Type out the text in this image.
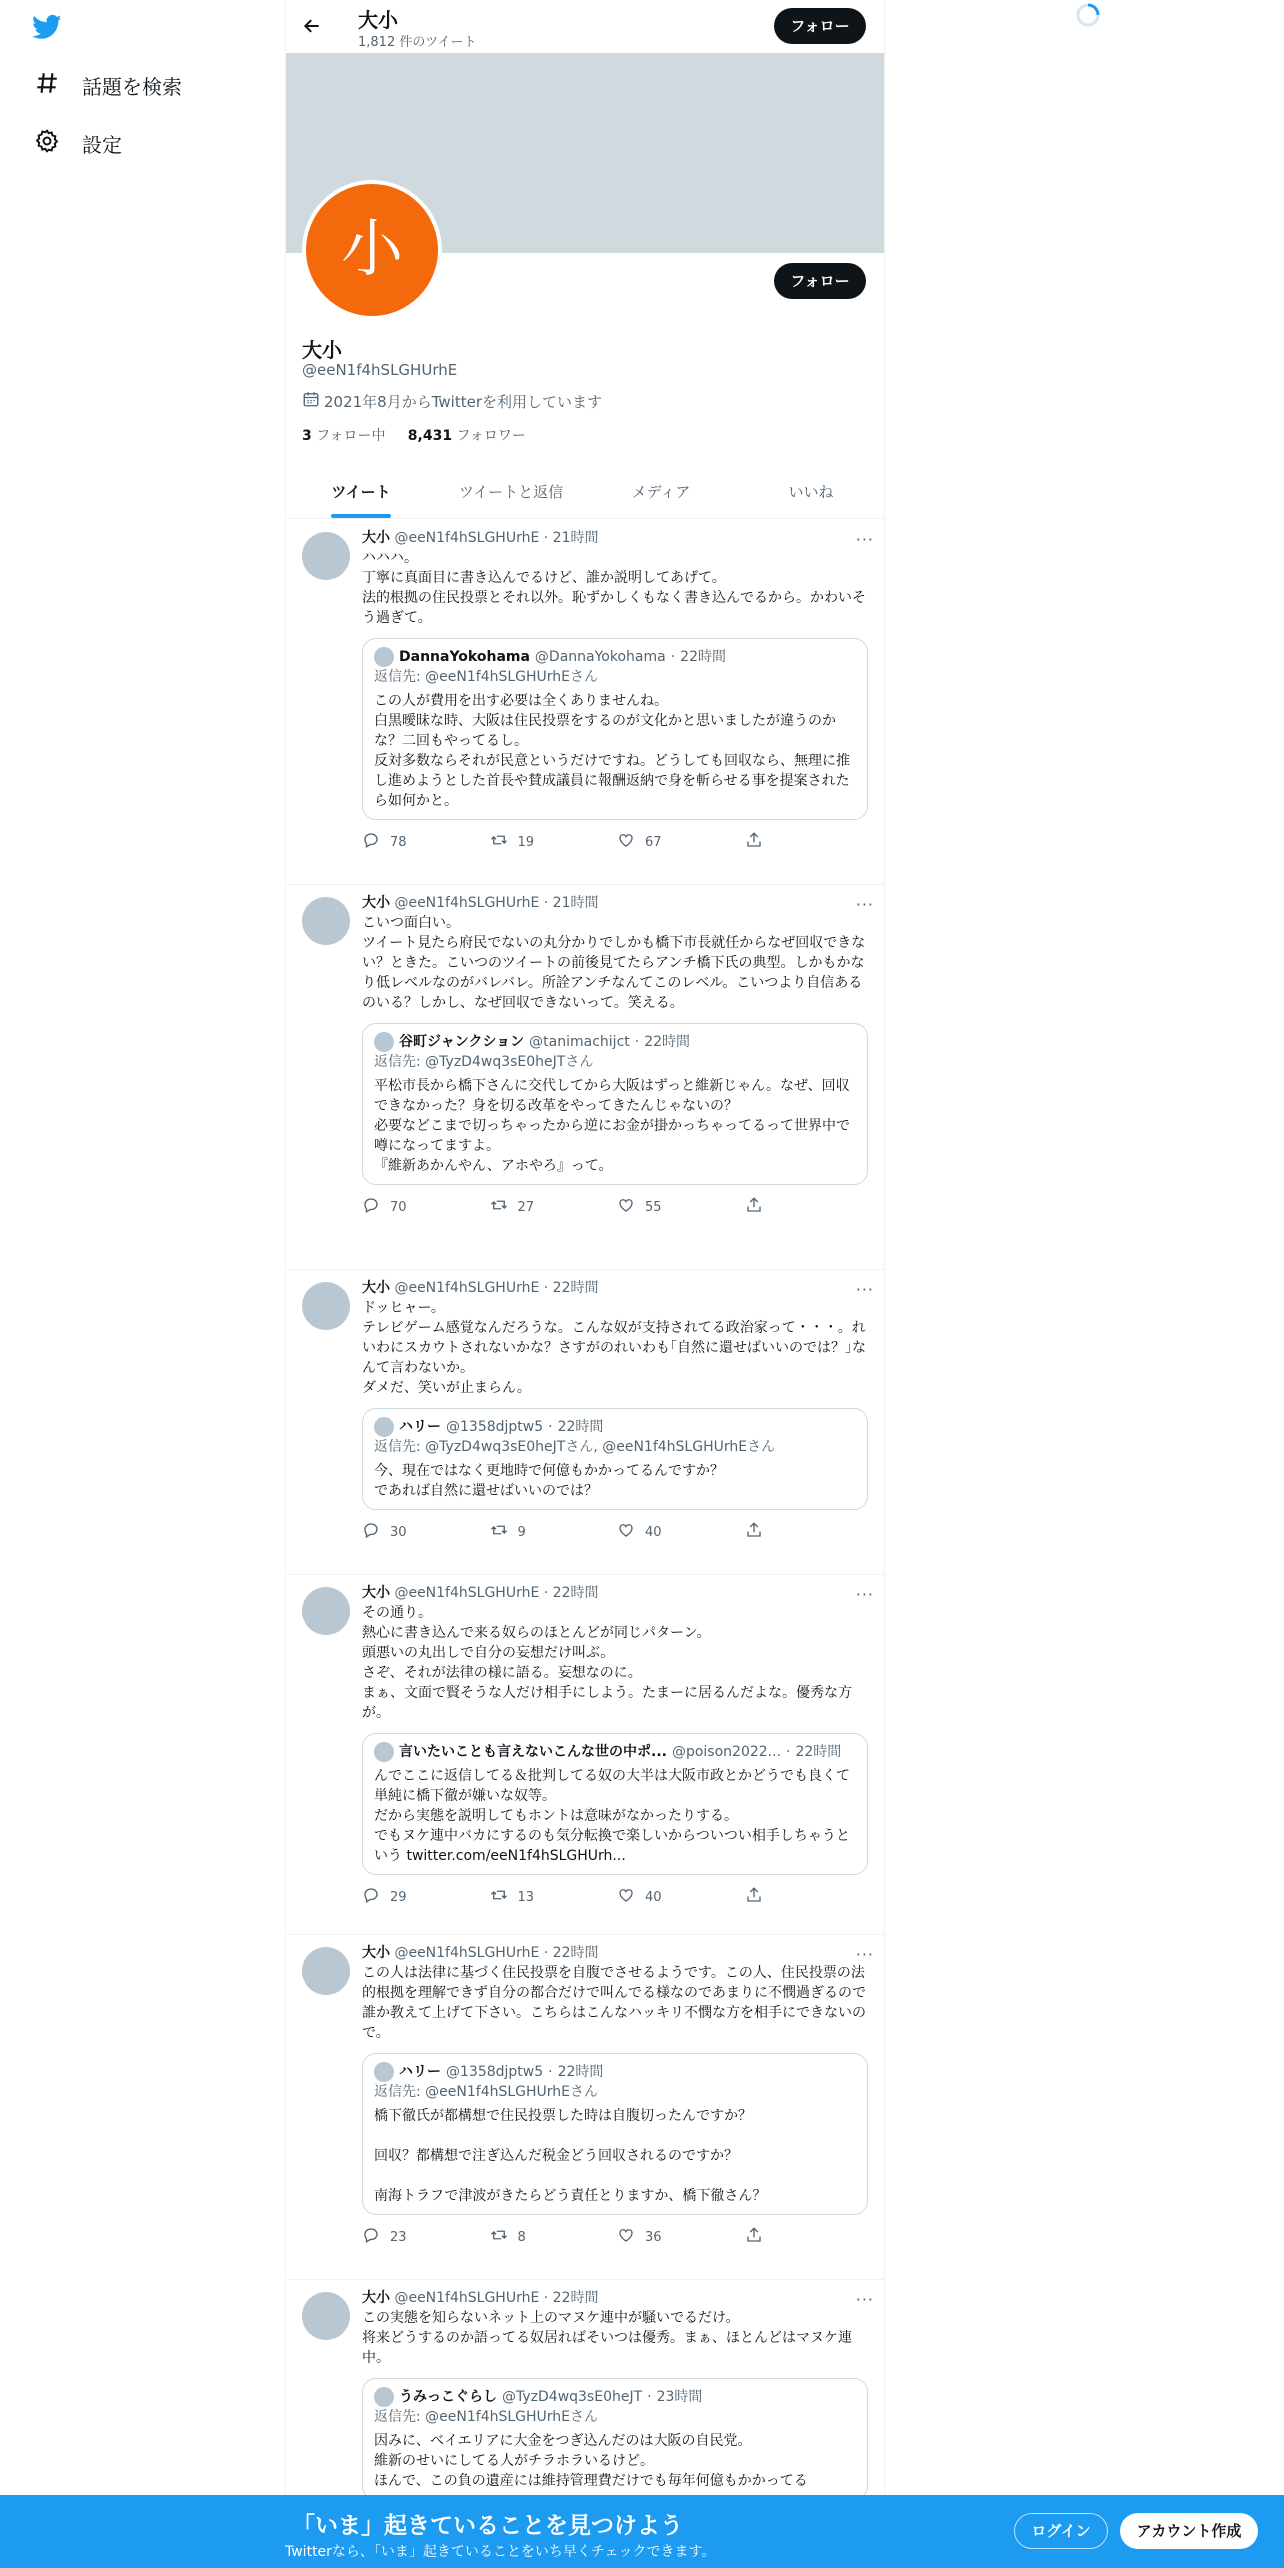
話題を検索
設定
大小
1,812 件のツイート
フォロー
小	フォロー
大小
@eeN1f4hSLGHUrhE
2021年8月からTwitterを利用しています
3 フォロー中 8,431 フォロワー
ツイート	ツイートと返信	メディア	いいね
大小 @eeN1f4hSLGHUrhE · 21時間	···
ハハハ。
丁寧に真面目に書き込んでるけど、誰か説明してあげて。
法的根拠の住民投票とそれ以外。恥ずかしくもなく書き込んでるから。かわいそう過ぎて。
DannaYokohama @DannaYokohama · 22時間
返信先: @eeN1f4hSLGHUrhEさん
この人が費用を出す必要は全くありませんね。
白黒曖昧な時、大阪は住民投票をするのが文化かと思いましたが違うのかな？二回もやってるし。
反対多数ならそれが民意というだけですね。どうしても回収なら、無理に推し進めようとした首長や賛成議員に報酬返納で身を斬らせる事を提案されたら如何かと。
78	19	67
大小 @eeN1f4hSLGHUrhE · 21時間	···
こいつ面白い。
ツイート見たら府民でないの丸分かりでしかも橋下市長就任からなぜ回収できない？ときた。こいつのツイートの前後見てたらアンチ橋下氏の典型。しかもかなり低レベルなのがバレバレ。所詮アンチなんてこのレベル。こいつより自信あるのいる？しかし、なぜ回収できないって。笑える。
谷町ジャンクション @tanimachijct · 22時間
返信先: @TyzD4wq3sE0heJTさん
平松市長から橋下さんに交代してから大阪はずっと維新じゃん。なぜ、回収できなかった？身を切る改革をやってきたんじゃないの？
必要などこまで切っちゃったから逆にお金が掛かっちゃってるって世界中で噂になってますよ。
『維新あかんやん、アホやろ』って。
70	27	55
大小 @eeN1f4hSLGHUrhE · 22時間	···
ドッヒャー。
テレビゲーム感覚なんだろうな。こんな奴が支持されてる政治家って・・・。れいわにスカウトされないかな？さすがのれいわも｢自然に還せばいいのでは？｣なんて言わないか。
ダメだ、笑いが止まらん。
ハリー @1358djptw5 · 22時間
返信先: @TyzD4wq3sE0heJTさん, @eeN1f4hSLGHUrhEさん
今、現在ではなく更地時で何億もかかってるんですか？
であれば自然に還せばいいのでは？
30	9	40
大小 @eeN1f4hSLGHUrhE · 22時間	···
その通り。
熱心に書き込んで来る奴らのほとんどが同じパターン。
頭悪いの丸出しで自分の妄想だけ叫ぶ。
さぞ、それが法律の様に語る。妄想なのに。
まぁ、文面で賢そうな人だけ相手にしよう。たまーに居るんだよな。優秀な方が。
言いたいことも言えないこんな世の中ポ... @poison2022... · 22時間
んでここに返信してる＆批判してる奴の大半は大阪市政とかどうでも良くて単純に橋下徹が嫌いな奴等。
だから実態を説明してもホントは意味がなかったりする。
でもヌケ連中バカにするのも気分転換で楽しいからついつい相手しちゃうという twitter.com/eeN1f4hSLGHUrh...
29	13	40
大小 @eeN1f4hSLGHUrhE · 22時間	···
この人は法律に基づく住民投票を自腹でさせるようです。この人、住民投票の法的根拠を理解できず自分の都合だけで叫んでる様なのであまりに不憫過ぎるので誰か教えて上げて下さい。こちらはこんなハッキリ不憫な方を相手にできないので。
ハリー @1358djptw5 · 22時間
返信先: @eeN1f4hSLGHUrhEさん
橋下徹氏が都構想で住民投票した時は自腹切ったんですか？

回収？都構想で注ぎ込んだ税金どう回収されるのですか？

南海トラフで津波がきたらどう責任とりますか、橋下徹さん？
23	8	36
大小 @eeN1f4hSLGHUrhE · 22時間	···
この実態を知らないネット上のマヌケ連中が騒いでるだけ。
将来どうするのか語ってる奴居ればそいつは優秀。まぁ、ほとんどはマヌケ連中。
うみっこぐらし @TyzD4wq3sE0heJT · 23時間
返信先: @eeN1f4hSLGHUrhEさん
因みに、ベイエリアに大金をつぎ込んだのは大阪の自民党。
維新のせいにしてる人がチラホラいるけど。
ほんで、この負の遺産には維持管理費だけでも毎年何億もかかってる
「いま」起きていることを見つけよう
Twitterなら、「いま」起きていることをいち早くチェックできます。
ログイン	アカウント作成
